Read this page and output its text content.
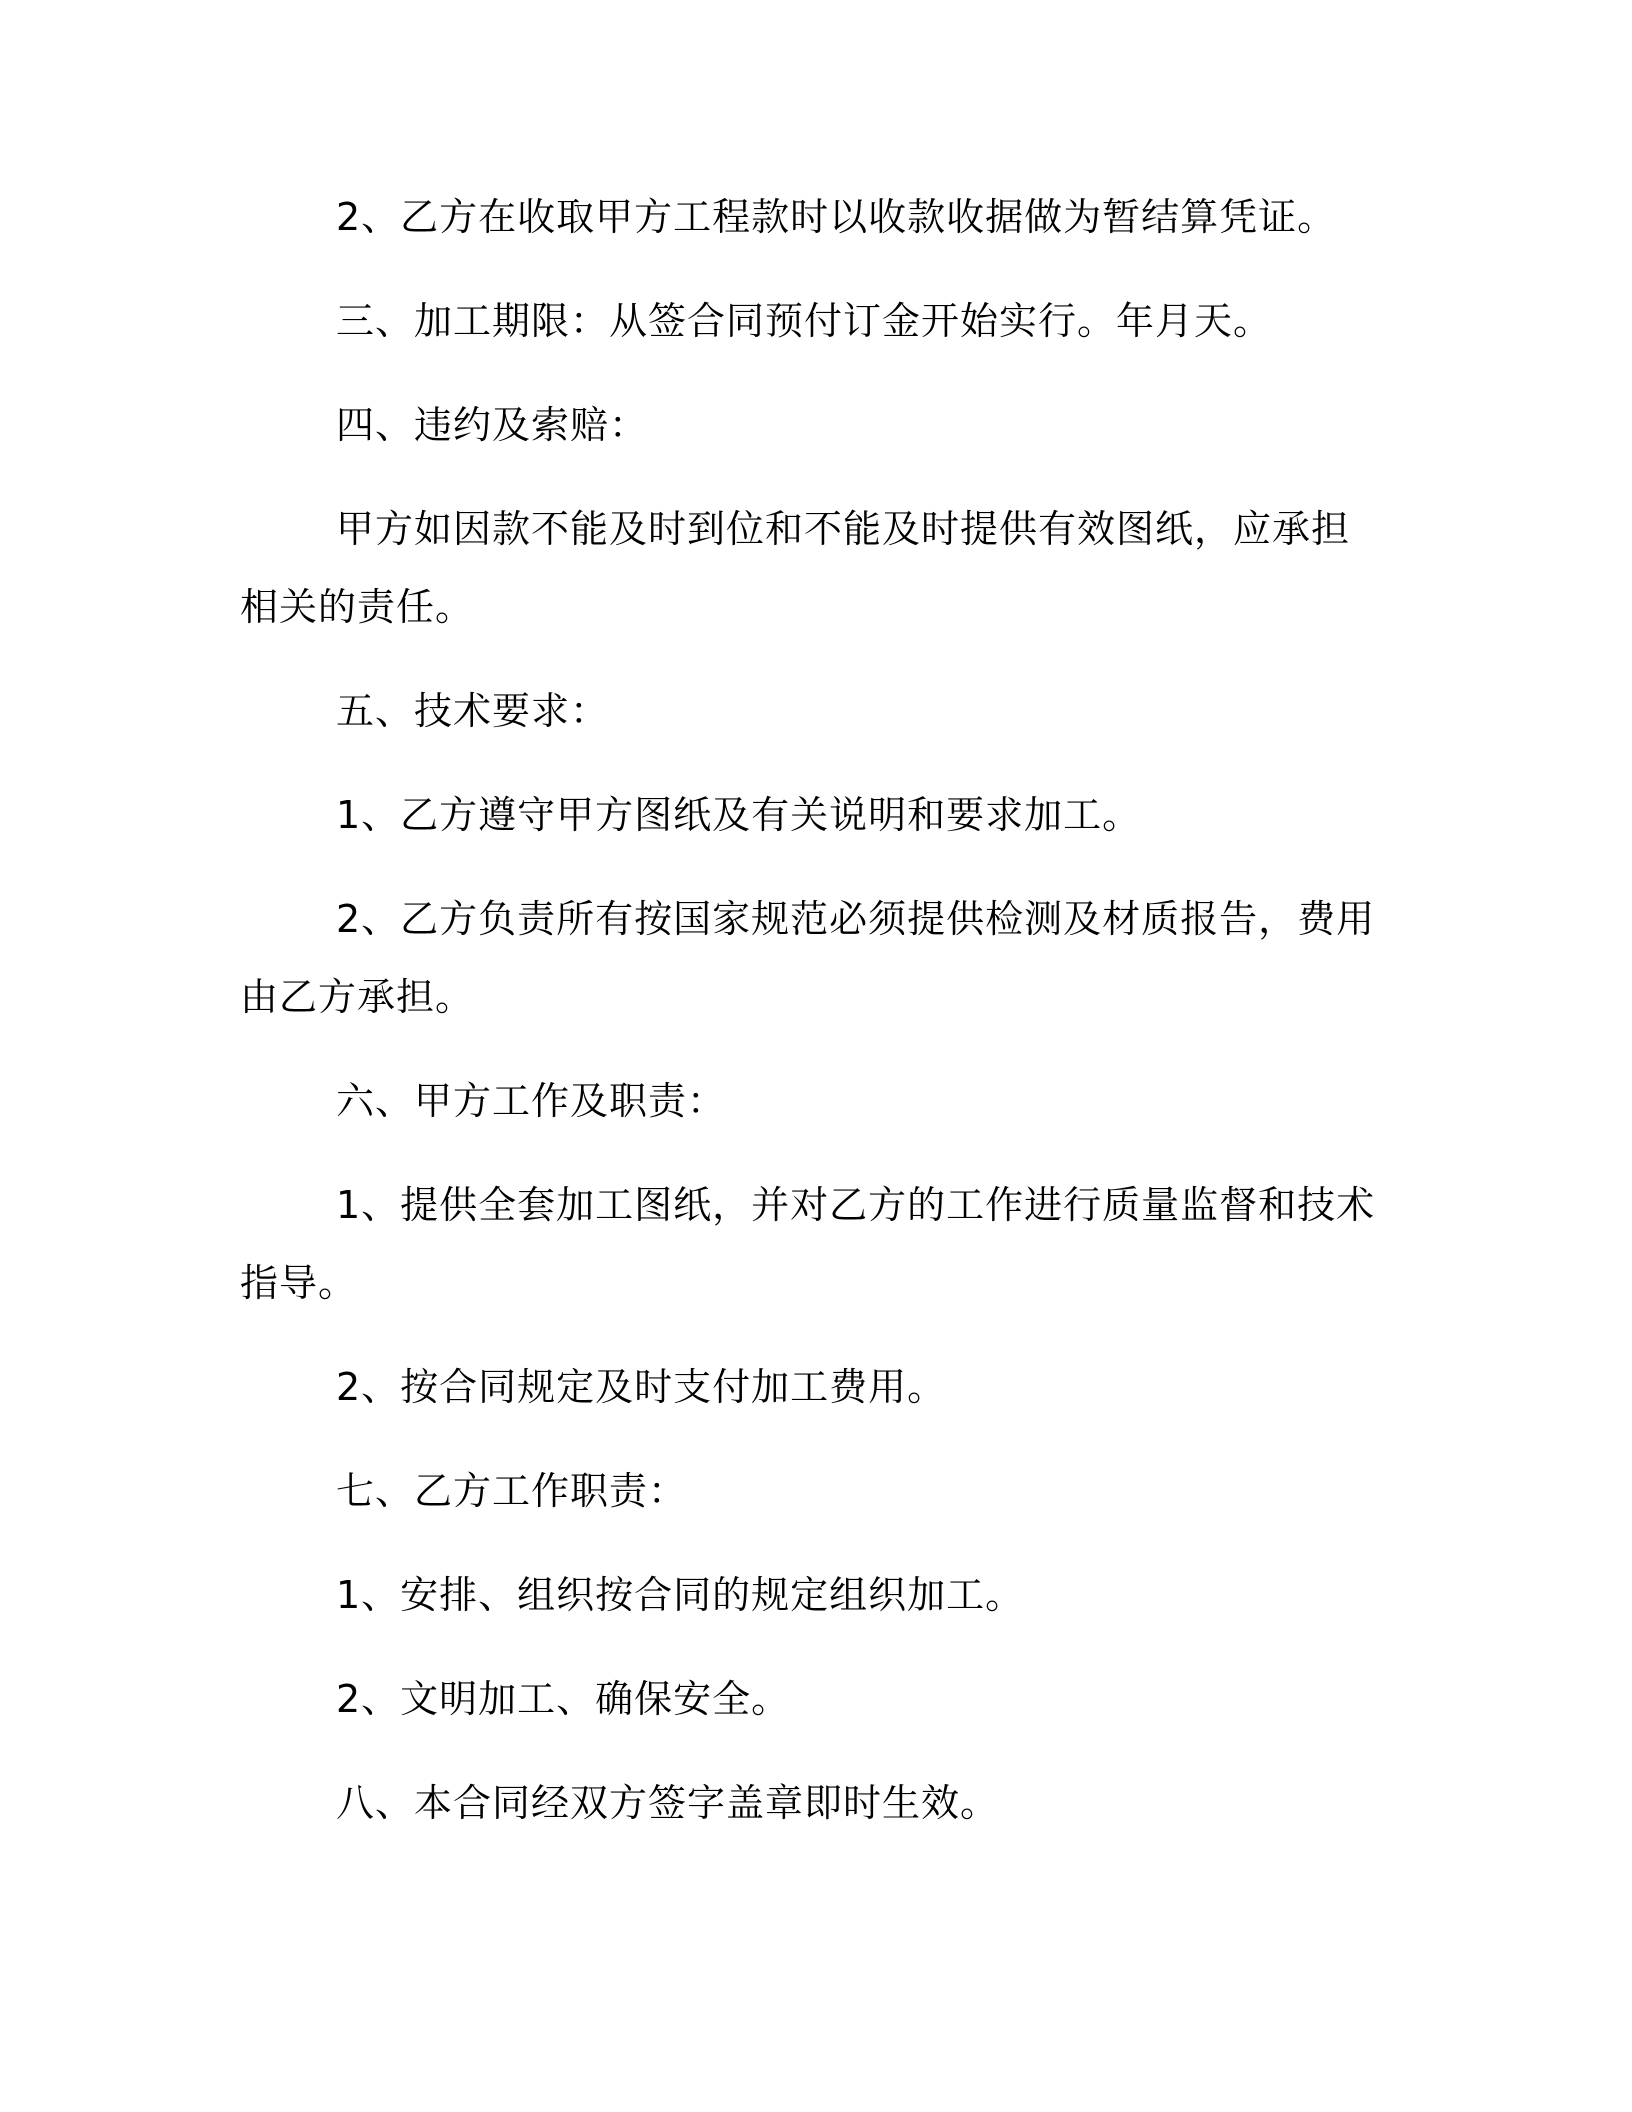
2、乙方在收取甲方工程款时以收款收据做为暂结算凭证。

三、加工期限：从签合同预付订金开始实行。年月天。

四、违约及索赔：

甲方如因款不能及时到位和不能及时提供有效图纸，应承担相关的责任。

五、技术要求：

1、乙方遵守甲方图纸及有关说明和要求加工。

2、乙方负责所有按国家规范必须提供检测及材质报告，费用由乙方承担。

六、甲方工作及职责：

1、提供全套加工图纸，并对乙方的工作进行质量监督和技术指导。

2、按合同规定及时支付加工费用。

七、乙方工作职责：

1、安排、组织按合同的规定组织加工。

2、文明加工、确保安全。

八、本合同经双方签字盖章即时生效。
